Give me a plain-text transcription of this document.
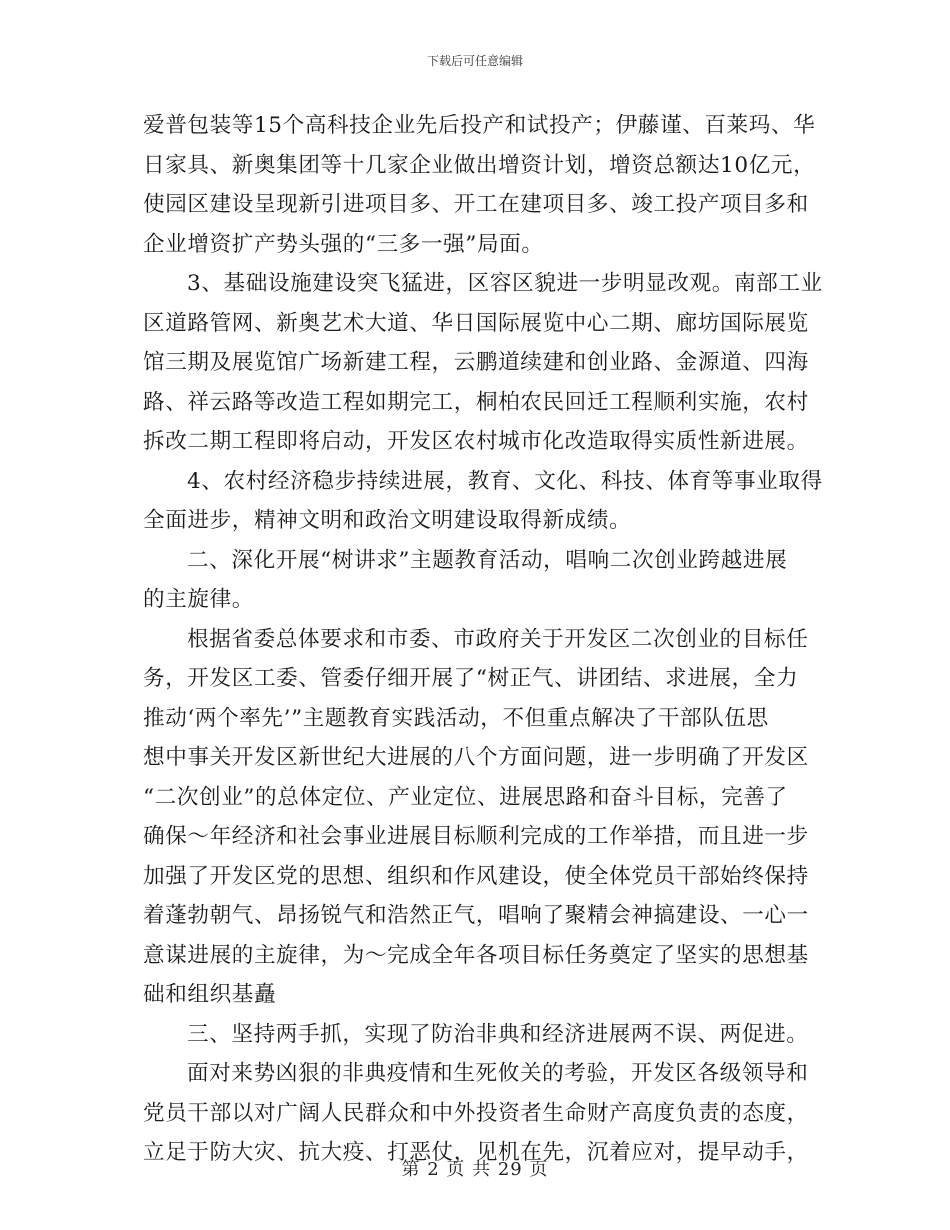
下载后可任意编辑
爱普包装等15个高科技企业先后投产和试投产；伊藤谨、百莱玛、华
日家具、新奥集团等十几家企业做出增资计划，增资总额达10亿元，
使园区建设呈现新引进项目多、开工在建项目多、竣工投产项目多和
企业增资扩产势头强的“三多一强”局面。
3、基础设施建设突飞猛进，区容区貌进一步明显改观。南部工业
区道路管网、新奥艺术大道、华日国际展览中心二期、廊坊国际展览
馆三期及展览馆广场新建工程，云鹏道续建和创业路、金源道、四海
路、祥云路等改造工程如期完工，桐柏农民回迁工程顺利实施，农村
拆改二期工程即将启动，开发区农村城市化改造取得实质性新进展。
4、农村经济稳步持续进展，教育、文化、科技、体育等事业取得
全面进步，精神文明和政治文明建设取得新成绩。
二、深化开展“树讲求”主题教育活动，唱响二次创业跨越进展
的主旋律。
根据省委总体要求和市委、市政府关于开发区二次创业的目标任
务，开发区工委、管委仔细开展了“树正气、讲团结、求进展，全力
推动‘两个率先’”主题教育实践活动，不但重点解决了干部队伍思
想中事关开发区新世纪大进展的八个方面问题，进一步明确了开发区
“二次创业”的总体定位、产业定位、进展思路和奋斗目标，完善了
确保～年经济和社会事业进展目标顺利完成的工作举措，而且进一步
加强了开发区党的思想、组织和作风建设，使全体党员干部始终保持
着蓬勃朝气、昂扬锐气和浩然正气，唱响了聚精会神搞建设、一心一
意谋进展的主旋律，为～完成全年各项目标任务奠定了坚实的思想基
础和组织基矗
三、坚持两手抓，实现了防治非典和经济进展两不误、两促进。
面对来势凶狠的非典疫情和生死攸关的考验，开发区各级领导和
党员干部以对广阔人民群众和中外投资者生命财产高度负责的态度，
立足于防大灾、抗大疫、打恶仗，见机在先，沉着应对，提早动手，
第 2 页 共 29 页
